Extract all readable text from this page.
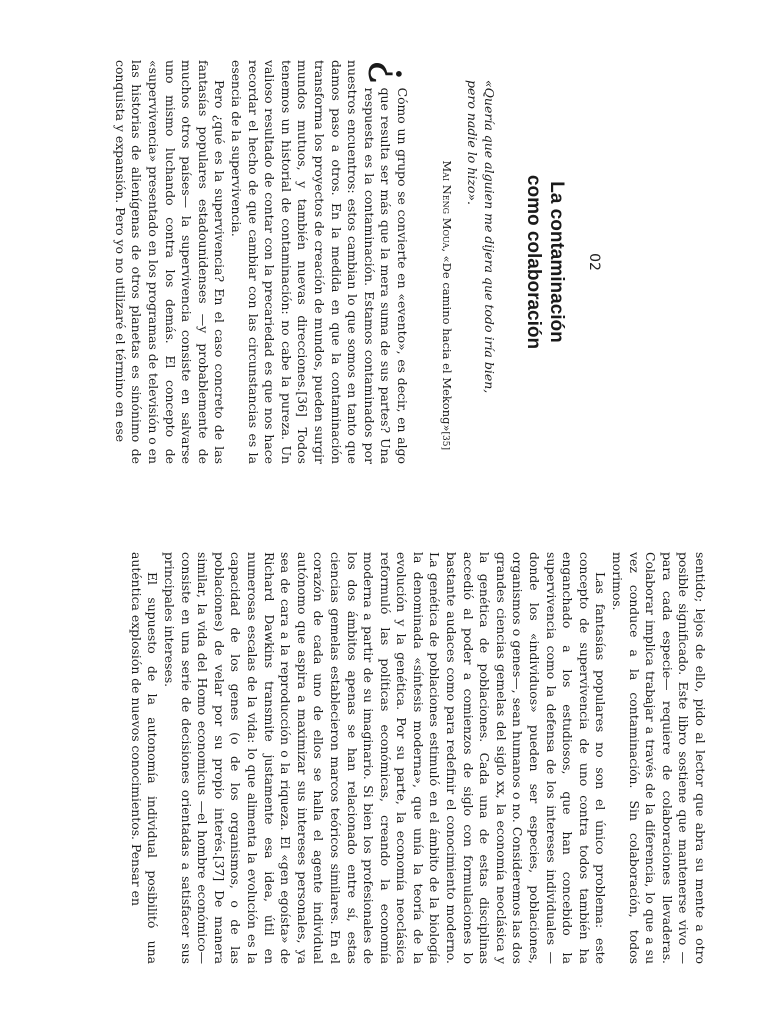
02
La contaminación
como colaboración

«Quería que alguien me dijera que todo iría bien, pero nadie lo hizo».

Mai Neng Moua, «De camino hacia el Mekong»[35]

¿
Cómo un grupo se convierte en «evento», es decir, en algo que resulta ser más que la mera suma de sus partes? Una respuesta es la contaminación. Estamos contaminados por nuestros encuentros: estos cambian lo que somos en tanto que damos paso a otros. En la medida en que la contaminación transforma los proyectos de creación de mundos, pueden surgir mundos mutuos, y también nuevas direcciones.[36] Todos tenemos un historial de contaminación: no cabe la pureza. Un valioso resultado de contar con la precariedad es que nos hace recordar el hecho de que cambiar con las circunstancias es la esencia de la supervivencia.

Pero ¿qué es la supervivencia? En el caso concreto de las fantasías populares estadounidenses —y probablemente de muchos otros países— la supervivencia consiste en salvarse uno mismo luchando contra los demás. El concepto de «supervivencia» presentado en los programas de televisión o en las historias de alienígenas de otros planetas es sinónimo de conquista y expansión. Pero yo no utilizaré el término en ese

sentido; lejos de ello, pido al lector que abra su mente a otro posible significado. Este libro sostiene que mantenerse vivo —para cada especie— requiere de colaboraciones llevaderas. Colaborar implica trabajar a través de la diferencia, lo que a su vez conduce a la contaminación. Sin colaboración, todos morimos.

Las fantasías populares no son el único problema: este concepto de supervivencia de uno contra todos también ha enganchado a los estudiosos, que han concebido la supervivencia como la defensa de los intereses individuales —donde los «individuos» pueden ser especies, poblaciones, organismos o genes—, sean humanos o no. Consideremos las dos grandes ciencias gemelas del siglo xx, la economía neoclásica y la genética de poblaciones. Cada una de estas disciplinas accedió al poder a comienzos de siglo con formulaciones lo bastante audaces como para redefinir el conocimiento moderno. La genética de poblaciones estimuló en el ámbito de la biología la denominada «síntesis moderna», que unía la teoría de la evolución y la genética. Por su parte, la economía neoclásica reformuló las políticas económicas, creando la economía moderna a partir de su imaginario. Si bien los profesionales de los dos ámbitos apenas se han relacionado entre sí, estas ciencias gemelas establecieron marcos teóricos similares. En el corazón de cada uno de ellos se halla el agente individual autónomo que aspira a maximizar sus intereses personales, ya sea de cara a la reproducción o la riqueza. El «gen egoísta» de Richard Dawkins transmite justamente esa idea, útil en numerosas escalas de la vida: lo que alimenta la evolución es la capacidad de los genes (o de los organismos, o de las poblaciones) de velar por su propio interés.[37] De manera similar, la vida del Homo economicus —el hombre económico— consiste en una serie de decisiones orientadas a satisfacer sus principales intereses.

El supuesto de la autonomía individual posibilitó una auténtica explosión de nuevos conocimientos. Pensar en
